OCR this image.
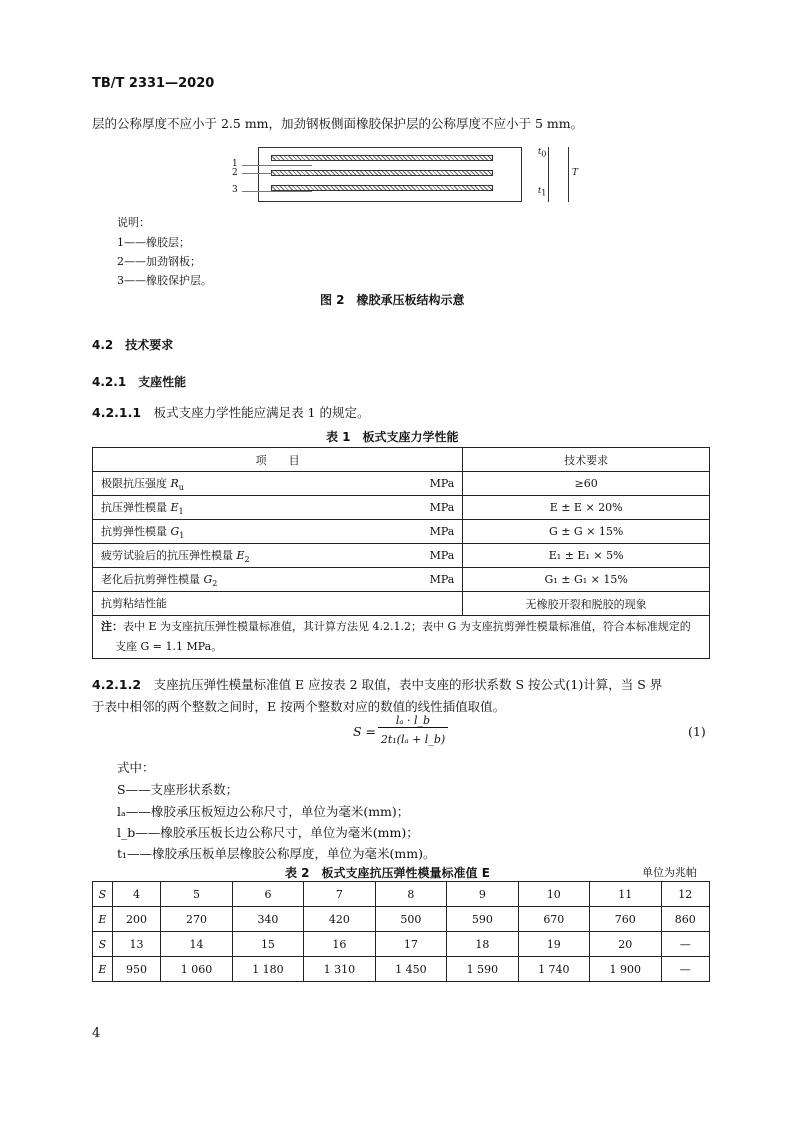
TB/T 2331—2020
层的公称厚度不应小于 2.5 mm，加劲钢板侧面橡胶保护层的公称厚度不应小于 5 mm。
1
2
3
$t_0$
T
$t_1$
说明：
1——橡胶层；
2——加劲钢板；
3——橡胶保护层。
图 2　橡胶承压板结构示意
4.2　技术要求
4.2.1　支座性能
4.2.1.1　 板式支座力学性能应满足表 1 的规定。
表 1　板式支座力学性能
项　　目		技术要求
极限抗压强度 $R_u$	MPa	≥60
抗压弹性模量 $E_1$	MPa	E ± E × 20%
抗剪弹性模量 $G_1$	MPa	G ± G × 15%
疲劳试验后的抗压弹性模量 $E_2$	MPa	E₁ ± E₁ × 5%
老化后抗剪弹性模量 $G_2$	MPa	G₁ ± G₁ × 15%
抗剪粘结性能		无橡胶开裂和脱胶的现象
注：表中 E 为支座抗压弹性模量标准值，其计算方法见 4.2.1.2；表中 G 为支座抗剪弹性模量标准值，符合本标准规定的支座 G = 1.1 MPa。		
4.2.1.2　 支座抗压弹性模量标准值 E 应按表 2 取值，表中支座的形状系数 S 按公式(1)计算，当 S 界
于表中相邻的两个整数之间时，E 按两个整数对应的数值的线性插值取值。
S =
lₐ · l_b
2t₁(lₐ + l_b)
(1)
式中：
S——支座形状系数；
lₐ——橡胶承压板短边公称尺寸，单位为毫米(mm)；
l_b——橡胶承压板长边公称尺寸，单位为毫米(mm)；
t₁——橡胶承压板单层橡胶公称厚度，单位为毫米(mm)。
表 2　板式支座抗压弹性模量标准值 E	单位为兆帕
S	4	5	6	7	8	9	10	11	12
E	200	270	340	420	500	590	670	760	860
S	13	14	15	16	17	18	19	20	—
E	950	1 060	1 180	1 310	1 450	1 590	1 740	1 900	—
4
